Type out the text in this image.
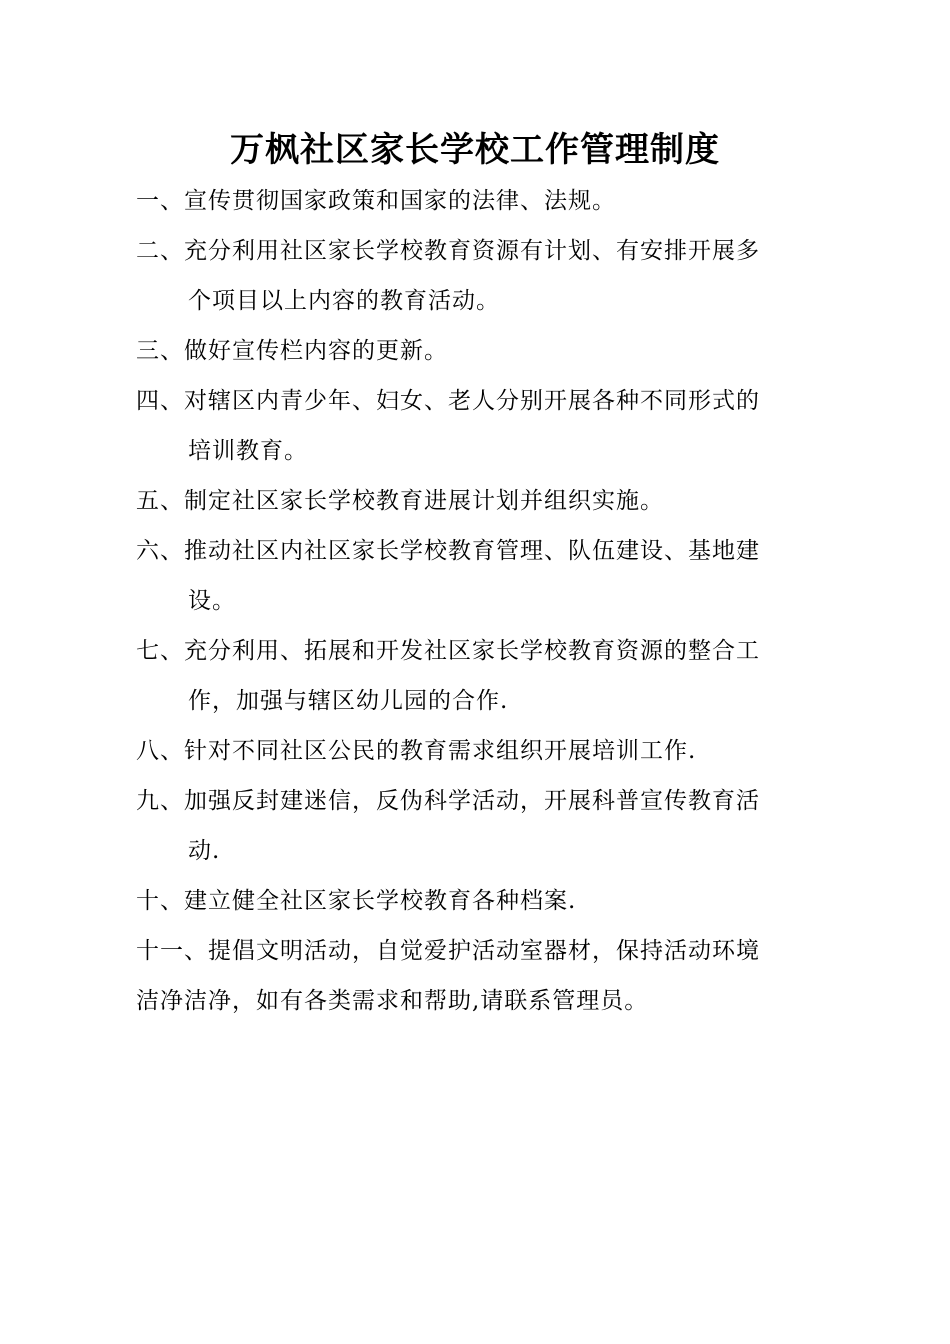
万枫社区家长学校工作管理制度
一、宣传贯彻国家政策和国家的法律、法规。
二、充分利用社区家长学校教育资源有计划、有安排开展多
个项目以上内容的教育活动。
三、做好宣传栏内容的更新。
四、对辖区内青少年、妇女、老人分别开展各种不同形式的
培训教育。
五、制定社区家长学校教育进展计划并组织实施。
六、推动社区内社区家长学校教育管理、队伍建设、基地建
设。
七、充分利用、拓展和开发社区家长学校教育资源的整合工
作，加强与辖区幼儿园的合作.
八、针对不同社区公民的教育需求组织开展培训工作.
九、加强反封建迷信，反伪科学活动，开展科普宣传教育活
动.
十、建立健全社区家长学校教育各种档案.
十一、提倡文明活动，自觉爱护活动室器材，保持活动环境
洁净洁净，如有各类需求和帮助,请联系管理员。
